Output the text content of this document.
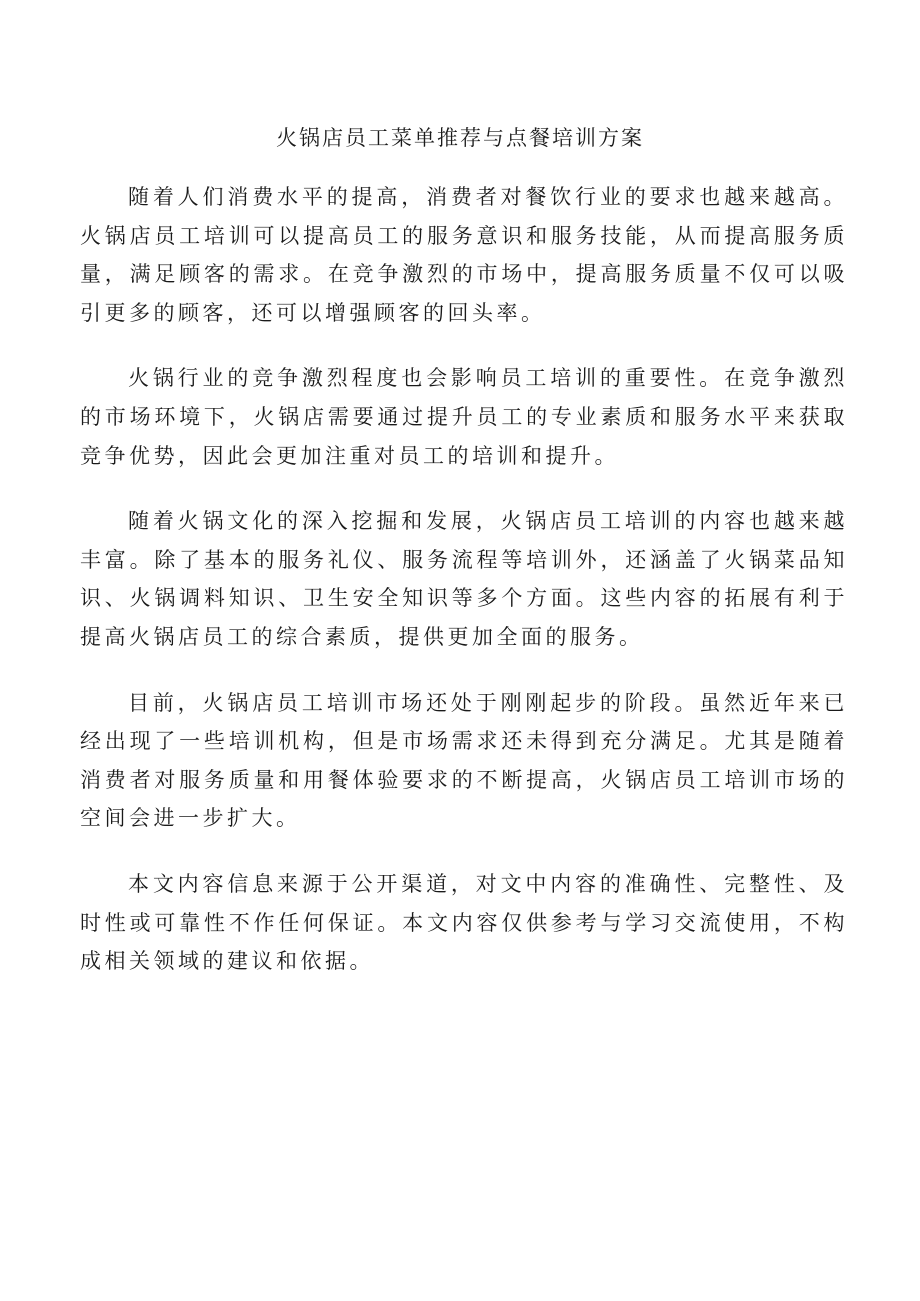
火锅店员工菜单推荐与点餐培训方案

随着人们消费水平的提高，消费者对餐饮行业的要求也越来越高。火锅店员工培训可以提高员工的服务意识和服务技能，从而提高服务质量，满足顾客的需求。在竞争激烈的市场中，提高服务质量不仅可以吸引更多的顾客，还可以增强顾客的回头率。

火锅行业的竞争激烈程度也会影响员工培训的重要性。在竞争激烈的市场环境下，火锅店需要通过提升员工的专业素质和服务水平来获取竞争优势，因此会更加注重对员工的培训和提升。

随着火锅文化的深入挖掘和发展，火锅店员工培训的内容也越来越丰富。除了基本的服务礼仪、服务流程等培训外，还涵盖了火锅菜品知识、火锅调料知识、卫生安全知识等多个方面。这些内容的拓展有利于提高火锅店员工的综合素质，提供更加全面的服务。

目前，火锅店员工培训市场还处于刚刚起步的阶段。虽然近年来已经出现了一些培训机构，但是市场需求还未得到充分满足。尤其是随着消费者对服务质量和用餐体验要求的不断提高，火锅店员工培训市场的空间会进一步扩大。

本文内容信息来源于公开渠道，对文中内容的准确性、完整性、及时性或可靠性不作任何保证。本文内容仅供参考与学习交流使用，不构成相关领域的建议和依据。
